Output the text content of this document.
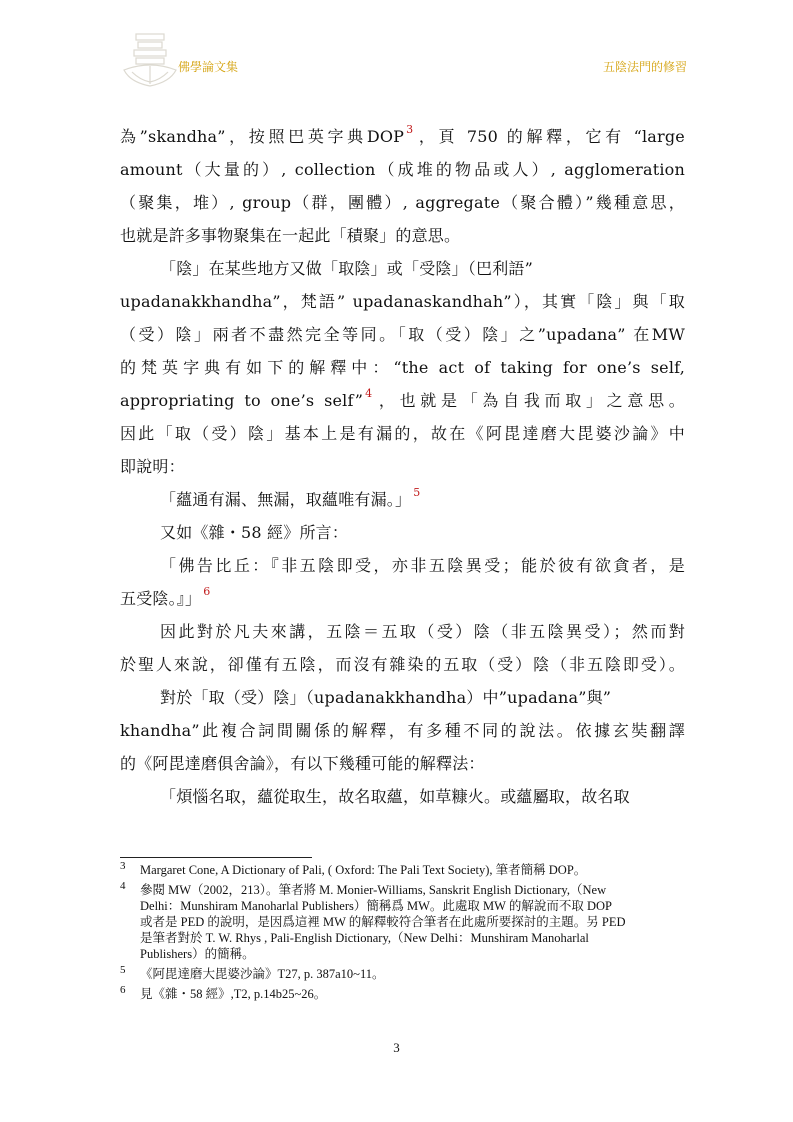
佛學論文集	五陰法門的修習
為”skandha”，按照巴英字典DOP $^3$ ，頁 750 的解釋，它有 “large
amount（大量的）, collection（成堆的物品或人）, agglomeration
（聚集，堆）, group（群，團體）, aggregate（聚合體）”幾種意思，
也就是許多事物聚集在一起此「積聚」的意思。
「陰」在某些地方又做「取陰」或「受陰」（巴利語”
upadanakkhandha”，梵語” upadanaskandhah”），其實「陰」與「取
（受）陰」兩者不盡然完全等同。「取（受）陰」之”upadana” 在MW
的梵英字典有如下的解釋中：“the act of taking for one’s self,
appropriating to one’s self” $^4$ ，也就是「為自我而取」之意思。
因此「取（受）陰」基本上是有漏的，故在《阿毘達磨大毘婆沙論》中
即說明：
「蘊通有漏、無漏，取蘊唯有漏。」 $^5$
又如《雜・58 經》所言：
「佛告比丘：『非五陰即受，亦非五陰異受；能於彼有欲貪者，是
五受陰。』」 $^6$
因此對於凡夫來講，五陰＝五取（受）陰（非五陰異受）；然而對
於聖人來說，卻僅有五陰，而沒有雜染的五取（受）陰（非五陰即受）。
對於「取（受）陰」（upadanakkhandha）中”upadana”與”
khandha”此複合詞間關係的解釋，有多種不同的說法。依據玄奘翻譯
的《阿毘達磨俱舍論》，有以下幾種可能的解釋法：
「煩惱名取，蘊從取生，故名取蘊，如草糠火。或蘊屬取，故名取
3 Margaret Cone, A Dictionary of Pali, ( Oxford: The Pali Text Society), 筆者簡稱 DOP。
4 參閱 MW（2002，213）。筆者將 M. Monier-Williams, Sanskrit English Dictionary,（New
Delhi：Munshiram Manoharlal Publishers）簡稱爲 MW。此處取 MW 的解說而不取 DOP
或者是 PED 的說明，是因爲這裡 MW 的解釋較符合筆者在此處所要探討的主題。另 PED
是筆者對於 T. W. Rhys , Pali-English Dictionary,（New Delhi：Munshiram Manoharlal
Publishers）的簡稱。
5 《阿毘達磨大毘婆沙論》T27, p. 387a10~11。
6 見《雜・58 經》,T2, p.14b25~26。
3
